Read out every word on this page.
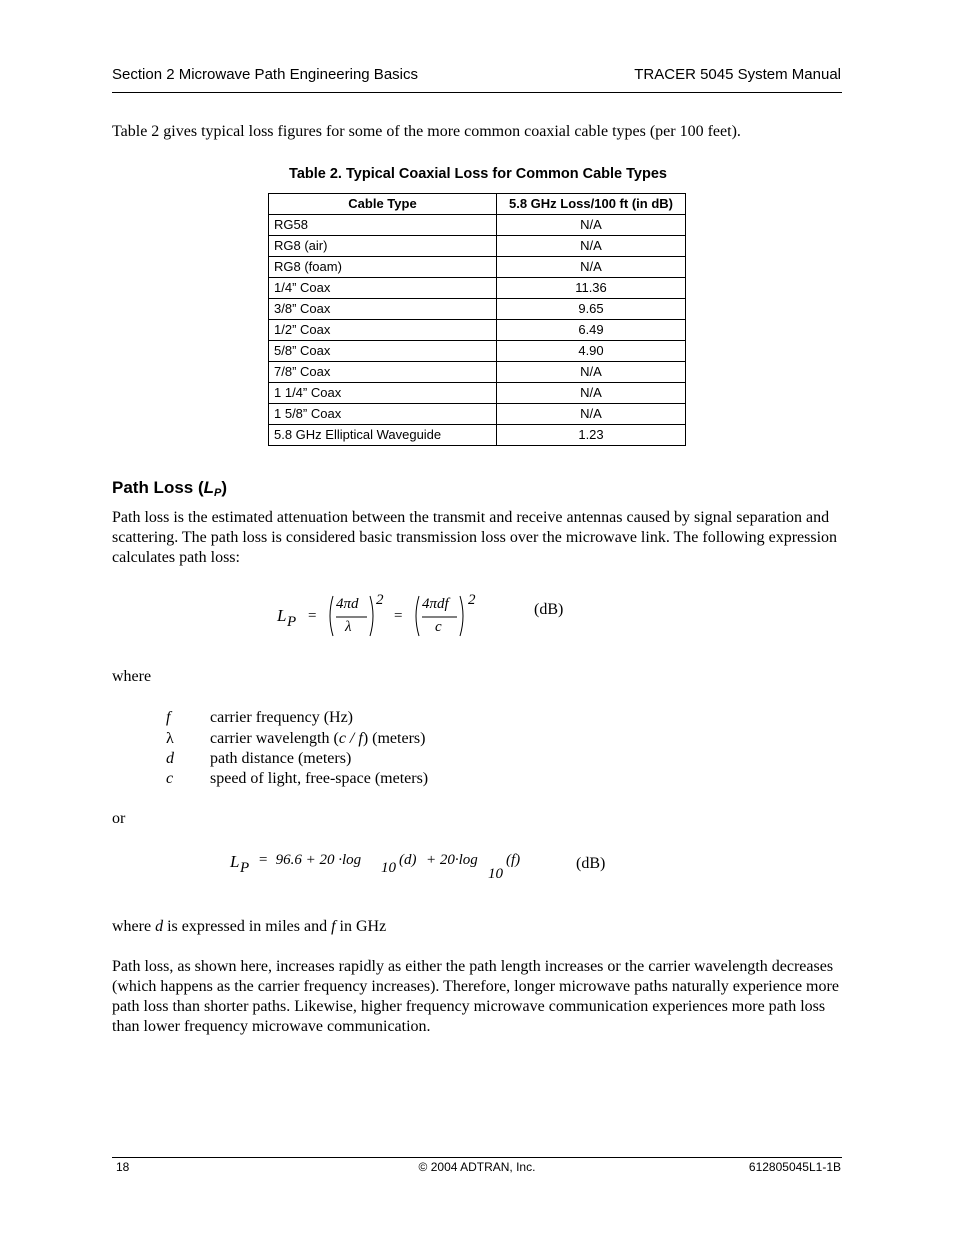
Section 2 Microwave Path Engineering Basics	TRACER 5045 System Manual
Table 2 gives typical loss figures for some of the more common coaxial cable types (per 100 feet).
Table 2. Typical Coaxial Loss for Common Cable Types
Cable Type	5.8 GHz Loss/100 ft (in dB)
RG58	N/A
RG8 (air)	N/A
RG8 (foam)	N/A
1/4” Coax	11.36
3/8” Coax	9.65
1/2” Coax	6.49
5/8” Coax	4.90
7/8” Coax	N/A
1 1/4” Coax	N/A
1 5/8” Coax	N/A
5.8 GHz Elliptical Waveguide	1.23
Path Loss $(L_P)$
Path loss is the estimated attenuation between the transmit and receive antennas caused by signal separation and scattering. The path loss is considered basic transmission loss over the microwave link. The following expression calculates path loss:
L P =
4πd
λ
2
=
4πdf
c
2
(dB)
where
f carrier frequency (Hz)
λ carrier wavelength (c / f) (meters)
d path distance (meters)
c speed of light, free-space (meters)
or
L P =  96.6 + 20 ·log 10 (d) + 20·log
10
(f)	(dB)
where d is expressed in miles and f in GHz
Path loss, as shown here, increases rapidly as either the path length increases or the carrier wavelength decreases (which happens as the carrier frequency increases). Therefore, longer microwave paths naturally experience more path loss than shorter paths. Likewise, higher frequency microwave communication experiences more path loss than lower frequency microwave communication.
18	© 2004 ADTRAN, Inc.	612805045L1-1B
